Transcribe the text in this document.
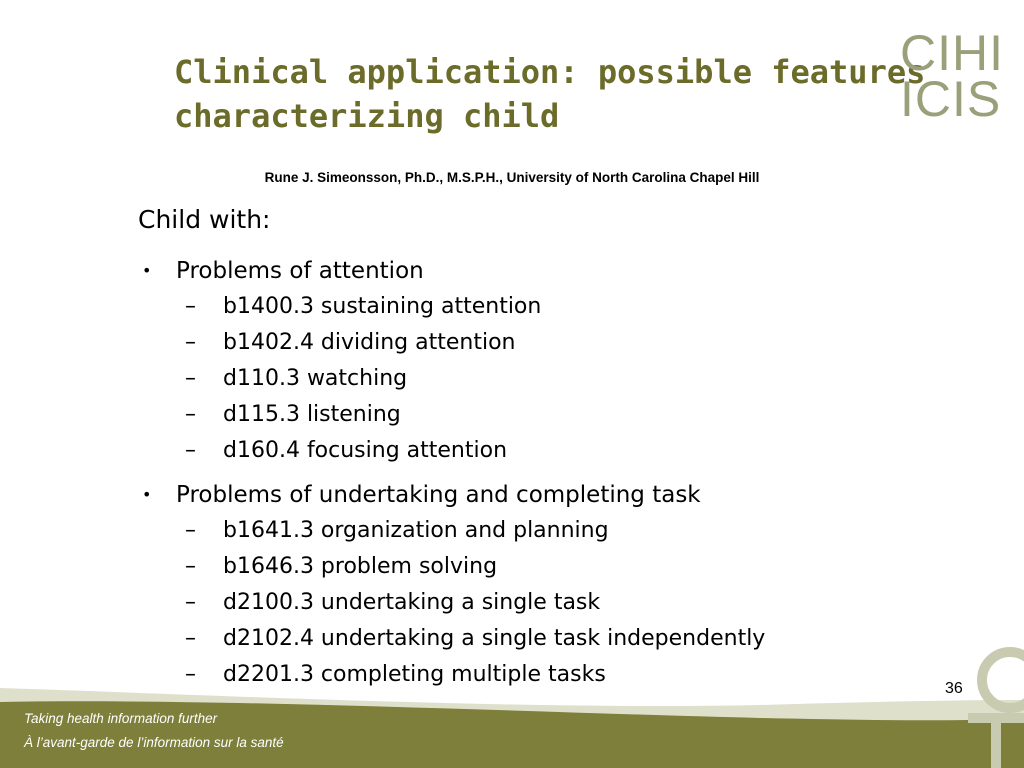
Clinical application: possible features
characterizing child
CIHI
ICIS
Rune J. Simeonsson, Ph.D., M.S.P.H., University of North Carolina Chapel Hill
Child with:
• Problems of attention
– b1400.3 sustaining attention
– b1402.4 dividing attention
– d110.3 watching
– d115.3 listening
– d160.4 focusing attention
• Problems of undertaking and completing task
– b1641.3 organization and planning
– b1646.3 problem solving
– d2100.3 undertaking a single task
– d2102.4 undertaking a single task independently
– d2201.3 completing multiple tasks
36
Taking health information further
À l’avant-garde de l’information sur la santé
